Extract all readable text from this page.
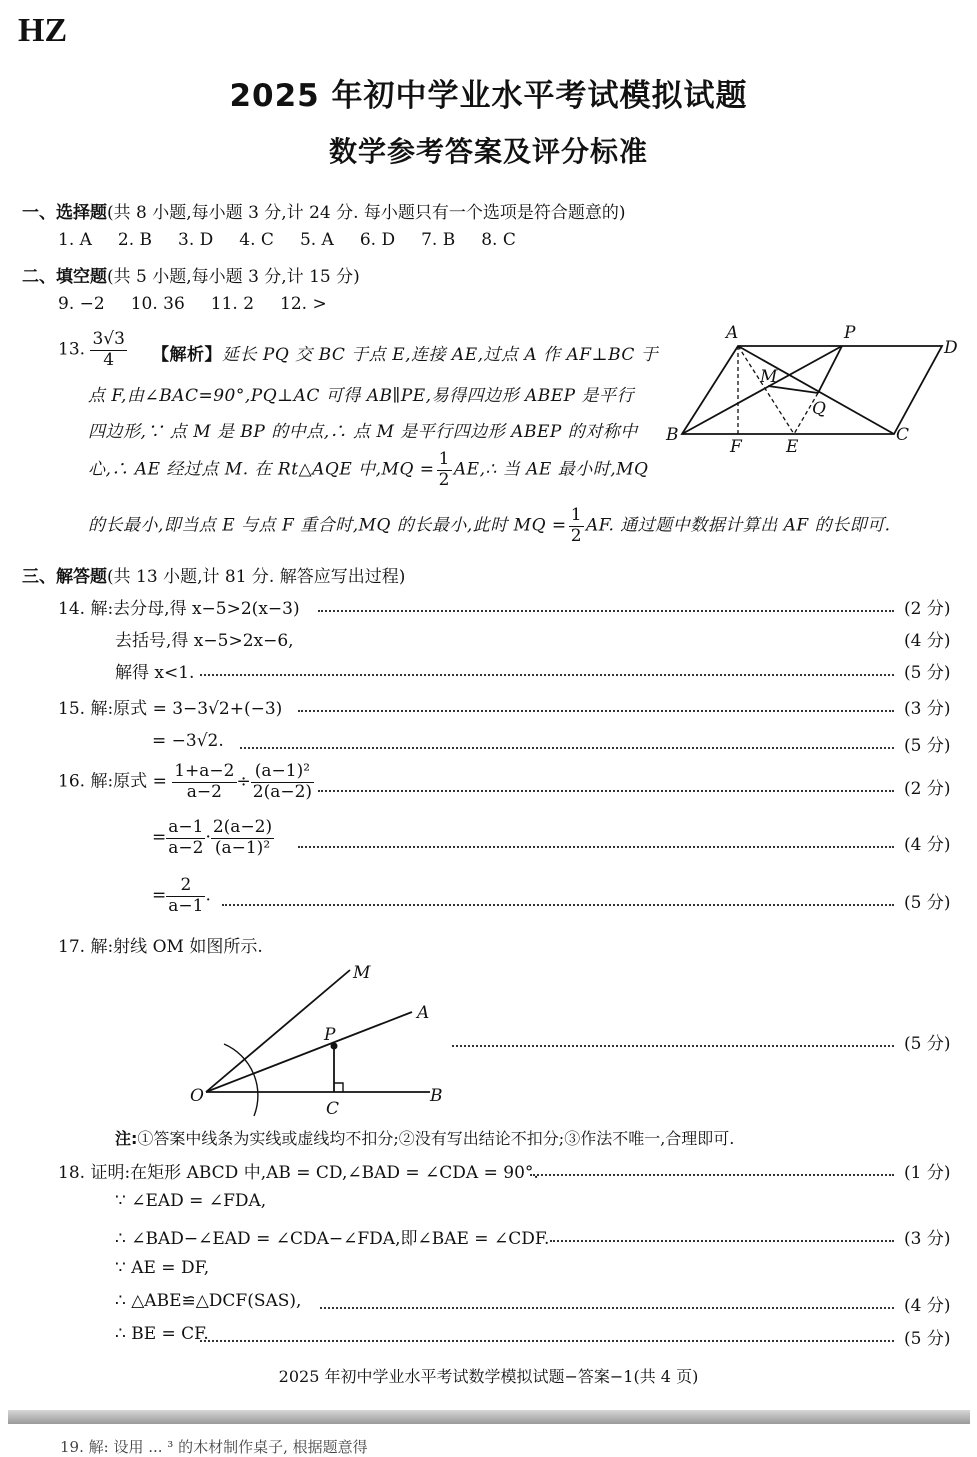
HZ
2025 年初中学业水平考试模拟试题
数学参考答案及评分标准
一、选择题(共 8 小题,每小题 3 分,计 24 分. 每小题只有一个选项是符合题意的)
1. A 2. B 3. D 4. C 5. A 6. D 7. B 8. C
二、填空题(共 5 小题,每小题 3 分,计 15 分)
9. −2 10. 36 11. 2 12. >
13. $\frac{3√3}{4}$ 【解析】延长 PQ 交 BC 于点 E,连接 AE,过点 A 作 AF⊥BC 于
点 F,由∠BAC=90°,PQ⊥AC 可得 AB∥PE,易得四边形 ABEP 是平行
四边形,∵ 点 M 是 BP 的中点,∴ 点 M 是平行四边形 ABEP 的对称中
心,∴ AE 经过点 M. 在 Rt△AQE 中$,MQ = \frac{1}{2}$ AE,∴ 当 AE 最小时,MQ
的长最小,即当点 E 与点 F 重合时,MQ 的长最小,此时 MQ = $\frac{1}{2}$ AF. 通过题中数据计算出 AF 的长即可.
A	P
D
M
Q
B
F	E
C
三、解答题(共 13 小题,计 81 分. 解答应写出过程)
14. 解:去分母,得 x−5>2(x−3)	(2 分)
去括号,得 x−5>2x−6,	(4 分)
解得 x<1.	(5 分)
15. 解:原式 = 3−3√2+(−3)	(3 分)
= −3√2.	(5 分)
16. 解:原式 = $\frac{1+a-2}{a-2} \div \frac{\text{(a−1)²}}{2(a-2)}$	(2 分)
= $\frac{a-1}{a-2} \cdot \frac{2(a-2)}{\text{(a−1)²}}$	(4 分)
= $\frac{2}{a-1}$ .	(5 分)
17. 解:射线 OM 如图所示.
M
A
P
O
C
B
(5 分)
注:①答案中线条为实线或虚线均不扣分;②没有写出结论不扣分;③作法不唯一,合理即可.
18. 证明:在矩形 ABCD 中,AB = CD,∠BAD = ∠CDA = 90°.	(1 分)
∵ ∠EAD = ∠FDA,
∴ ∠BAD−∠EAD = ∠CDA−∠FDA,即∠BAE = ∠CDF.	(3 分)
∵ AE = DF,
∴ △ABE≌△DCF(SAS),	(4 分)
∴ BE = CF.	(5 分)
2025 年初中学业水平考试数学模拟试题−答案−1(共 4 页)
19. 解: 设用 ... ³ 的木材制作桌子, 根据题意得
